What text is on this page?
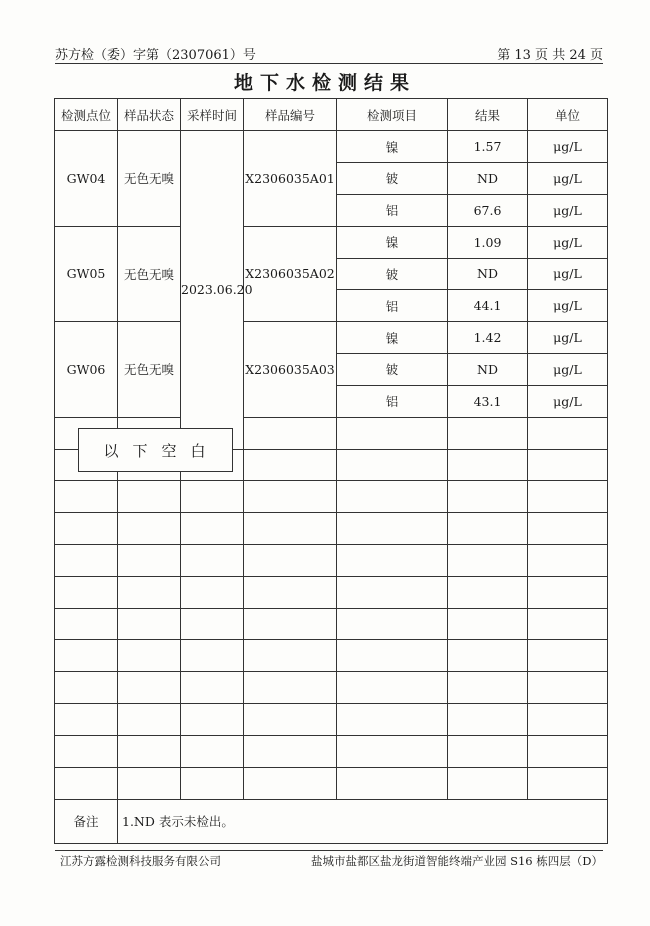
苏方检（委）字第（2307061）号	第 13 页 共 24 页
地下水检测结果
检测点位	样品状态	采样时间	样品编号	检测项目	结果	单位
GW04	无色无嗅	2023.06.20	X2306035A01	镍	1.57	μg/L
				铍	ND	μg/L
				铝	67.6	μg/L
GW05	无色无嗅		X2306035A02	镍	1.09	μg/L
				铍	ND	μg/L
				铝	44.1	μg/L
GW06	无色无嗅		X2306035A03	镍	1.42	μg/L
				铍	ND	μg/L
				铝	43.1	μg/L

备注	1.ND 表示未检出。					
以下空白
江苏方露检测科技服务有限公司	盐城市盐都区盐龙街道智能终端产业园 S16 栋四层（D）
